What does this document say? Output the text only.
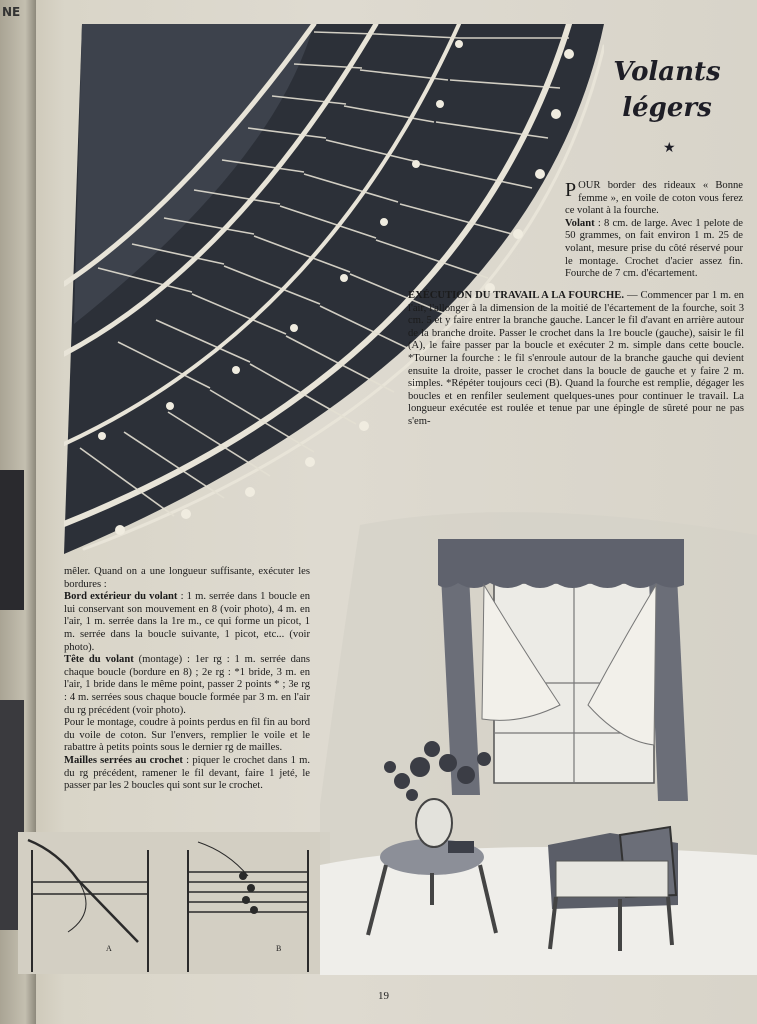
NE
Volants
légers
★
POUR border des rideaux « Bonne femme », en voile de coton vous ferez ce volant à la fourche.
Volant : 8 cm. de large. Avec 1 pelote de 50 grammes, on fait environ 1 m. 25 de volant, mesure prise du côté réservé pour le montage. Crochet d'acier assez fin. Fourche de 7 cm. d'écartement.
EXÉCUTION DU TRAVAIL A LA FOURCHE. — Commencer par 1 m. en l'air, l'allonger à la dimension de la moitié de l'écartement de la fourche, soit 3 cm. 5 et y faire entrer la branche gauche. Lancer le fil d'avant en arrière autour de la branche droite. Passer le crochet dans la 1re boucle (gauche), saisir le fil (A), le faire passer par la boucle et exécuter 2 m. simple dans cette boucle. *Tourner la fourche : le fil s'enroule autour de la branche gauche qui devient ensuite la droite, passer le crochet dans la boucle de gauche et y faire 2 m. simples. *Répéter toujours ceci (B). Quand la fourche est remplie, dégager les boucles et en renfiler seulement quelques-unes pour continuer le travail. La longueur exécutée est roulée et tenue par une épingle de sûreté pour ne pas s'em-

mêler. Quand on a une longueur suffisante, exécuter les bordures :

Bord extérieur du volant : 1 m. serrée dans 1 boucle en lui conservant son mouvement en 8 (voir photo), 4 m. en l'air, 1 m. serrée dans la 1re m., ce qui forme un picot, 1 m. serrée dans la boucle suivante, 1 picot, etc... (voir photo).

Tête du volant (montage) : 1er rg : 1 m. serrée dans chaque boucle (bordure en 8) ; 2e rg : *1 bride, 3 m. en l'air, 1 bride dans le même point, passer 2 points * ; 3e rg : 4 m. serrées sous chaque boucle formée par 3 m. en l'air du rg précédent (voir photo).

Pour le montage, coudre à points perdus en fil fin au bord du voile de coton. Sur l'envers, remplier le voile et le rabattre à petits points sous le dernier rg de mailles.

Mailles serrées au crochet : piquer le crochet dans 1 m. du rg précédent, ramener le fil devant, faire 1 jeté, le passer par les 2 boucles qui sont sur le crochet.

A	B
19
